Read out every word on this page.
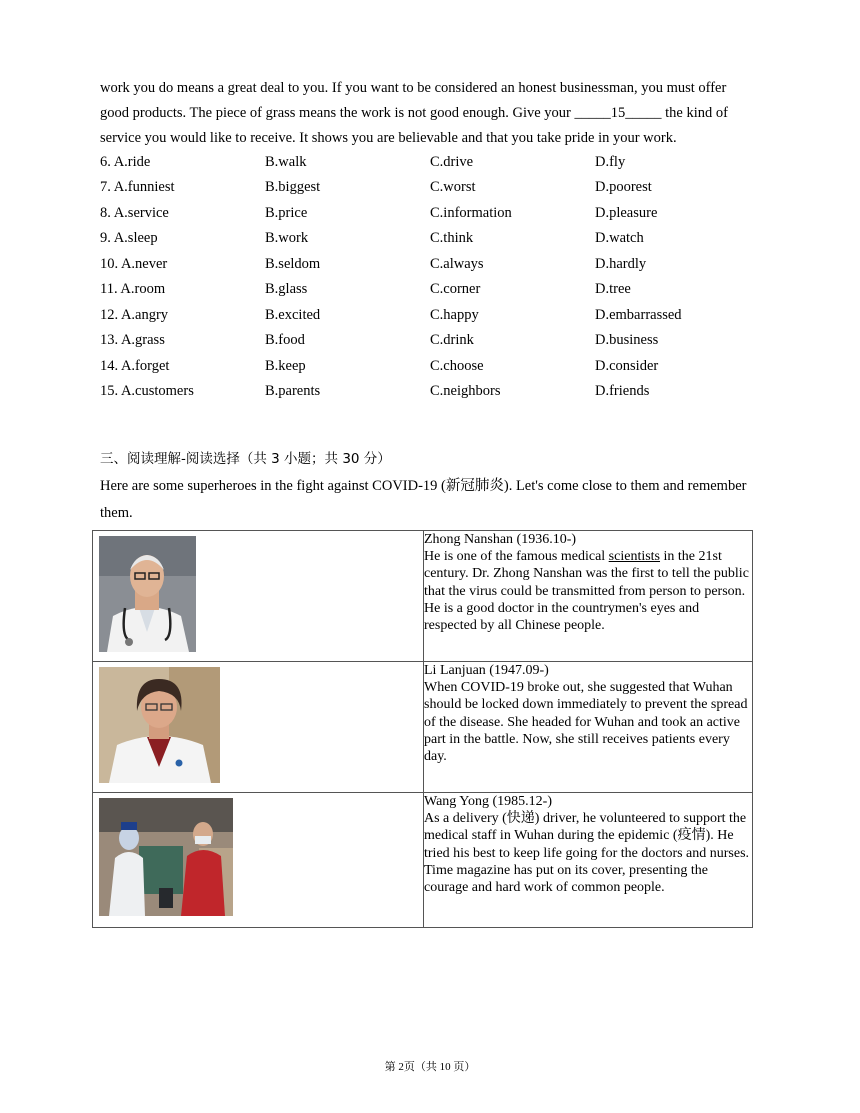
work you do means a great deal to you. If you want to be considered an honest businessman, you must offer

good products. The piece of grass means the work is not good enough. Give your _____15_____ the kind of

service you would like to receive. It shows you are believable and that you take pride in your work.

6. A.ride	B.walk	C.drive	D.fly
7. A.funniest	B.biggest	C.worst	D.poorest
8. A.service	B.price	C.information	D.pleasure
9. A.sleep	B.work	C.think	D.watch
10. A.never	B.seldom	C.always	D.hardly
11. A.room	B.glass	C.corner	D.tree
12. A.angry	B.excited	C.happy	D.embarrassed
13. A.grass	B.food	C.drink	D.business
14. A.forget	B.keep	C.choose	D.consider
15. A.customers	B.parents	C.neighbors	D.friends
三、阅读理解-阅读选择（共 3 小题；共 30 分）

Here are some superheroes in the fight against COVID-19 (新冠肺炎). Let's come close to them and remember

them.

Zhong Nanshan (1936.10-)
He is one of the famous medical scientists in the 21st century. Dr. Zhong Nanshan was the first to tell the public that the virus could be transmitted from person to person. He is a good doctor in the countrymen's eyes and respected by all Chinese people.

Li Lanjuan (1947.09-)
When COVID-19 broke out, she suggested that Wuhan should be locked down immediately to prevent the spread of the disease. She headed for Wuhan and took an active part in the battle. Now, she still receives patients every day.

Wang Yong (1985.12-)
As a delivery (快递) driver, he volunteered to support the medical staff in Wuhan during the epidemic (疫情). He tried his best to keep life going for the doctors and nurses. Time magazine has put on its cover, presenting the courage and hard work of common people.
第 2页（共 10 页）
